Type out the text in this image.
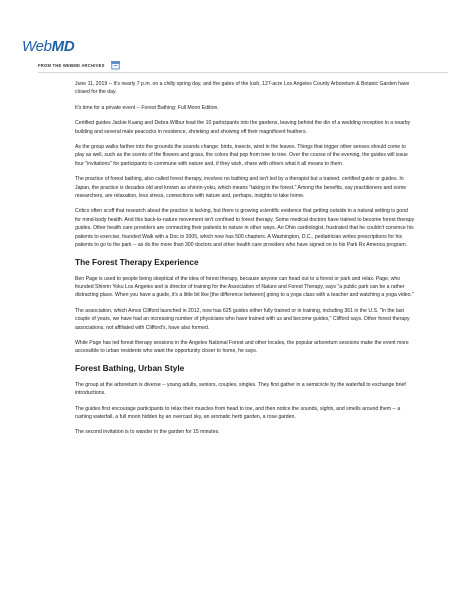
WebMD
FROM THE WEBMD ARCHIVES

June 11, 2019 -- It's nearly 7 p.m. on a chilly spring day, and the gates of the lush, 127-acre Los Angeles County Arboretum & Botanic Garden have closed for the day.

It's time for a private event -- Forest Bathing: Full Moon Edition.

Certified guides Jackie Kuang and Debra Wilbur lead the 10 participants into the gardens, leaving behind the din of a wedding reception in a nearby building and several male peacocks in residence, shrieking and showing off their magnificent feathers.

As the group walks farther into the grounds the sounds change: birds, insects, wind in the leaves. Things that trigger other senses should come to play as well, such as the scents of the flowers and grass, the colors that pop from tree to tree. Over the course of the evening, the guides will issue four "invitations" for participants to commune with nature and, if they wish, share with others what it all means to them.

The practice of forest bathing, also called forest therapy, involves no bathing and isn't led by a therapist but a trained, certified guide or guides. In Japan, the practice is decades old and known as shinrin-yoku, which means "taking in the forest." Among the benefits, say practitioners and some researchers, are relaxation, less stress, connections with nature and, perhaps, insights to take home.

Critics often scoff that research about the practice is lacking, but there is growing scientific evidence that getting outside in a natural setting is good for mind-body health. And this back-to-nature movement isn't confined to forest therapy. Some medical doctors have trained to become forest therapy guides. Other health care providers are connecting their patients to nature in other ways. An Ohio cardiologist, frustrated that he couldn't convince his patients to exercise, founded Walk with a Doc in 2005, which now has 500 chapters. A Washington, D.C., pediatrician writes prescriptions for his patients to go to the park -- as do the more than 300 doctors and other health care providers who have signed on to his Park Rx America program.

The Forest Therapy Experience

Ben Page is used to people being skeptical of the idea of forest therapy, because anyone can head out to a forest or park and relax. Page, who founded Shinrin Yoku Los Angeles and is director of training for the Association of Nature and Forest Therapy, says "a public park can be a rather distracting place. When you have a guide, it's a little bit like [the difference between] going to a yoga class with a teacher and watching a yoga video."

The association, which Amos Clifford launched in 2012, now has 625 guides either fully trained or in training, including 361 in the U.S. "In the last couple of years, we have had an increasing number of physicians who have trained with us and become guides," Clifford says. Other forest therapy associations, not affiliated with Clifford's, have also formed.

While Page has led forest therapy sessions in the Angeles National Forest and other locales, the popular arboretum sessions make the event more accessible to urban residents who want the opportunity closer to home, he says.

Forest Bathing, Urban Style

The group at the arboretum is diverse -- young adults, seniors, couples, singles. They first gather in a semicircle by the waterfall to exchange brief introductions.

The guides first encourage participants to relax their muscles from head to toe, and then notice the sounds, sights, and smells around them -- a rushing waterfall, a full moon hidden by an overcast sky, an aromatic herb garden, a rose garden.

The second invitation is to wander in the garden for 15 minutes.
